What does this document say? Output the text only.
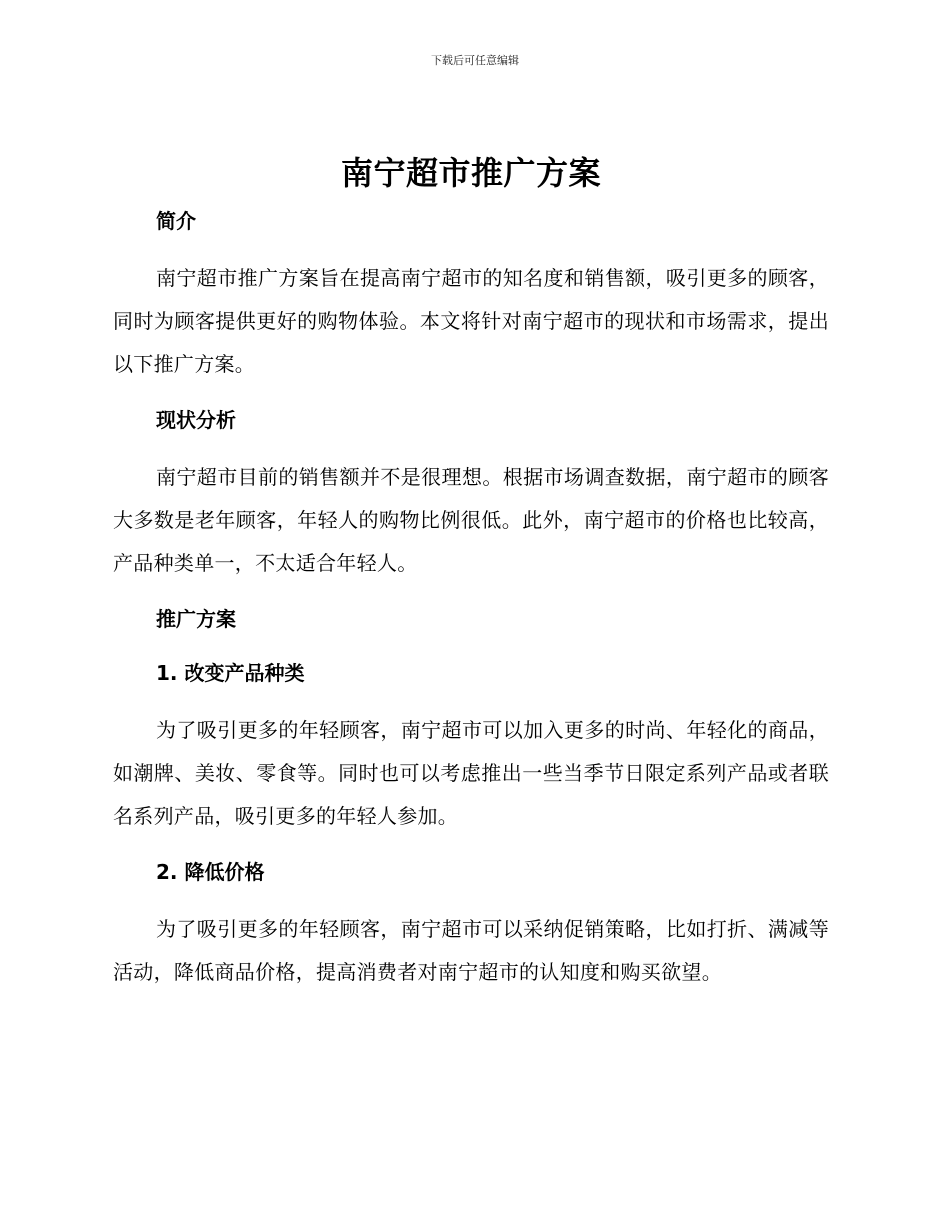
下载后可任意编辑
南宁超市推广方案
简介

南宁超市推广方案旨在提高南宁超市的知名度和销售额，吸引更多的顾客，同时为顾客提供更好的购物体验。本文将针对南宁超市的现状和市场需求，提出以下推广方案。

现状分析

南宁超市目前的销售额并不是很理想。根据市场调查数据，南宁超市的顾客大多数是老年顾客，年轻人的购物比例很低。此外，南宁超市的价格也比较高，产品种类单一，不太适合年轻人。

推广方案
1. 改变产品种类

为了吸引更多的年轻顾客，南宁超市可以加入更多的时尚、年轻化的商品，如潮牌、美妆、零食等。同时也可以考虑推出一些当季节日限定系列产品或者联名系列产品，吸引更多的年轻人参加。

2. 降低价格

为了吸引更多的年轻顾客，南宁超市可以采纳促销策略，比如打折、满减等活动，降低商品价格，提高消费者对南宁超市的认知度和购买欲望。
